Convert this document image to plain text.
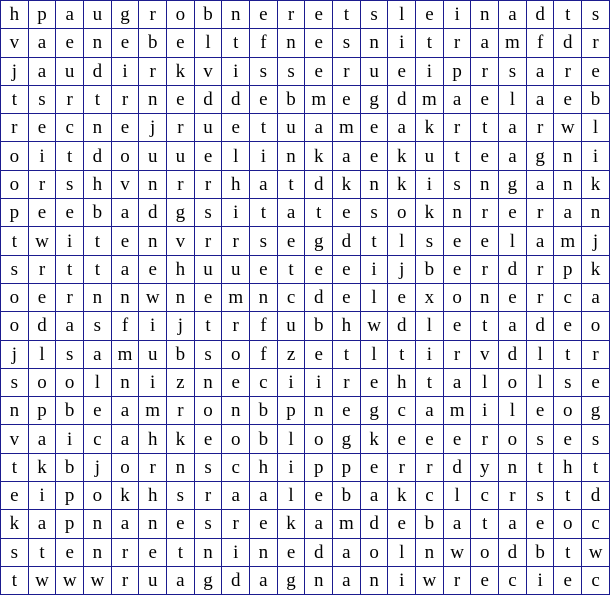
h	p	a	u	g	r	o	b	n	e	r	e	t	s	l	e	i	n	a	d	t	s
v	a	e	n	e	b	e	l	t	f	n	e	s	n	i	t	r	a	m	f	d	r
j	a	u	d	i	r	k	v	i	s	s	e	r	u	e	i	p	r	s	a	r	e
t	s	r	t	r	n	e	d	d	e	b	m	e	g	d	m	a	e	l	a	e	b
r	e	c	n	e	j	r	u	e	t	u	a	m	e	a	k	r	t	a	r	w	l
o	i	t	d	o	u	u	e	l	i	n	k	a	e	k	u	t	e	a	g	n	i
o	r	s	h	v	n	r	r	h	a	t	d	k	n	k	i	s	n	g	a	n	k
p	e	e	b	a	d	g	s	i	t	a	t	e	s	o	k	n	r	e	r	a	n
t	w	i	t	e	n	v	r	r	s	e	g	d	t	l	s	e	e	l	a	m	j
s	r	t	t	a	e	h	u	u	e	t	e	e	i	j	b	e	r	d	r	p	k
o	e	r	n	n	w	n	e	m	n	c	d	e	l	e	x	o	n	e	r	c	a
o	d	a	s	f	i	j	t	r	f	u	b	h	w	d	l	e	t	a	d	e	o
j	l	s	a	m	u	b	s	o	f	z	e	t	l	t	i	r	v	d	l	t	r
s	o	o	l	n	i	z	n	e	c	i	i	r	e	h	t	a	l	o	l	s	e
n	p	b	e	a	m	r	o	n	b	p	n	e	g	c	a	m	i	l	e	o	g
v	a	i	c	a	h	k	e	o	b	l	o	g	k	e	e	e	r	o	s	e	s
t	k	b	j	o	r	n	s	c	h	i	p	p	e	r	r	d	y	n	t	h	t
e	i	p	o	k	h	s	r	a	a	l	e	b	a	k	c	l	c	r	s	t	d
k	a	p	n	a	n	e	s	r	e	k	a	m	d	e	b	a	t	a	e	o	c
s	t	e	n	r	e	t	n	i	n	e	d	a	o	l	n	w	o	d	b	t	w
t	w	w	w	r	u	a	g	d	a	g	n	a	n	i	w	r	e	c	i	e	c
